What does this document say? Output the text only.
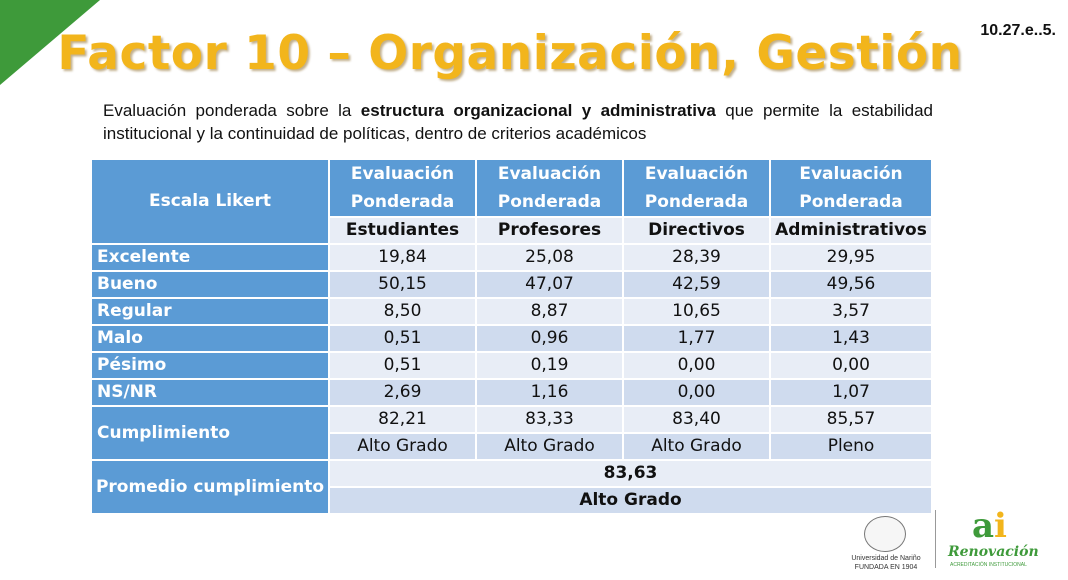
Factor 10 – Organización, Gestión	10.27.e..5.
Evaluación ponderada sobre la estructura organizacional y administrativa que permite la estabilidad institucional y la continuidad de políticas, dentro de criterios académicos
Escala Likert	Evaluación Ponderada	Evaluación Ponderada	Evaluación Ponderada	Evaluación Ponderada

	Estudiantes	Profesores	Directivos	Administrativos
Excelente	19,84	25,08	28,39	29,95
Bueno	50,15	47,07	42,59	49,56
Regular	8,50	8,87	10,65	3,57
Malo	0,51	0,96	1,77	1,43
Pésimo	0,51	0,19	0,00	0,00
NS/NR	2,69	1,16	0,00	1,07
Cumplimiento	82,21	83,33	83,40	85,57
	Alto Grado	Alto Grado	Alto Grado	Pleno
Promedio cumplimiento	83,63			
	Alto Grado			
Universidad de Nariño
FUNDADA EN 1904
ai
Renovación
ACREDITACIÓN INSTITUCIONAL
